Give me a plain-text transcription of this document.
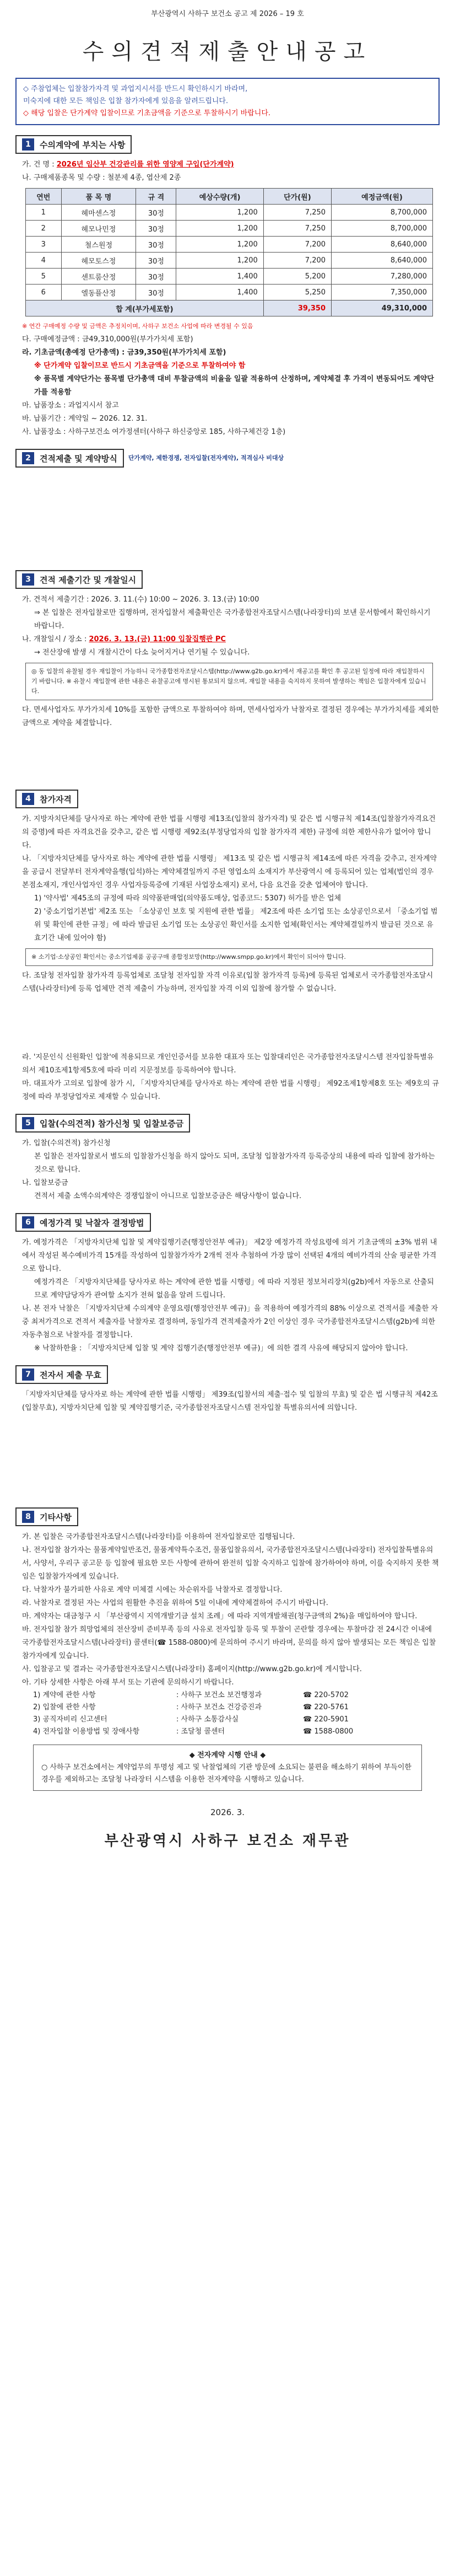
부산광역시 사하구 보건소 공고 제 2026 – 19 호
수의견적제출안내공고
◇ 주참업체는 입찰참가자격 및 과업지시서를 반드시 확인하시기 바라며,
미숙지에 대한 모든 책임은 입찰 참가자에게 있음을 알려드립니다.
◇ 해당 입찰은 단가계약 입찰이므로 기초금액을 기준으로 투찰하시기 바랍니다.
1	수의계약에 부치는 사항
가. 건 명 : 2026년 임산부 건강관리를 위한 영양제 구입(단가계약)
나. 구매제품종목 및 수량 : 철분제 4종, 엽산제 2종
연번	품 목 명	규 격	예상수량(개)	단가(원)	예정금액(원)
1	헤마센스정	30정	1,200	7,250	8,700,000
2	헤모나민정	30정	1,200	7,250	8,700,000
3	철스원정	30정	1,200	7,200	8,640,000
4	헤모토스정	30정	1,200	7,200	8,640,000
5	센트룸산정	30정	1,400	5,200	7,280,000
6	엘동플산정	30정	1,400	5,250	7,350,000
합 계(부가세포함)				39,350	49,310,000
※ 연간 구매예정 수량 및 금액은 추정치이며, 사하구 보건소 사업에 따라 변경될 수 있음
다. 구매예정금액 : 금49,310,000원(부가가치세 포함)
라. 기초금액(총예정 단가총액) : 금39,350원(부가가치세 포함)
※ 단가계약 입찰이므로 반드시 기초금액을 기준으로 투찰하여야 함
※ 품목별 계약단가는 품목별 단가총액 대비 투찰금액의 비율을 일괄 적용하여 산정하며, 계약체결 후 가격이 변동되어도 계약단가를 적용함
마. 납품장소 : 과업지시서 참고
바. 납품기간 : 계약일 ~ 2026. 12. 31.
사. 납품장소 : 사하구보건소 여가정센터(사하구 하신중앙로 185, 사하구체건강 1층)
2	견적제출 및 계약방식 단가계약, 제한경쟁, 전자입찰(전자계약), 적격심사 비대상
3	견적 제출기간 및 개찰일시
가. 견적서 제출기간 : 2026. 3. 11.(수) 10:00 ~ 2026. 3. 13.(금) 10:00
⇒ 본 입찰은 전자입찰로만 집행하며, 전자입찰서 제출확인은 국가종합전자조달시스템(나라장터)의 보낸 문서함에서 확인하시기 바랍니다.
나. 개찰일시 / 장소 : 2026. 3. 13.(금) 11:00 입찰집행관 PC
→ 전산장애 발생 시 개찰시간이 다소 늦어지거나 연기될 수 있습니다.
◎ 동 입찰의 유찰될 경우 재입찰이 가능하니 국가종합전자조달시스템(http://www.g2b.go.kr)에서 재공고를 확인 후 공고된 일정에 따라 재입찰하시기 바랍니다. ※ 유찰시 재입찰에 관한 내용은 유찰공고에 명시된 통보되지 않으며, 재입찰 내용을 숙지하지 못하여 발생하는 책임은 입찰자에게 있습니다.
다. 면세사업자도 부가가치세 10%를 포함한 금액으로 투찰하여야 하며, 면세사업자가 낙찰자로 결정된 경우에는 부가가치세를 제외한 금액으로 계약을 체결합니다.
4	참가자격
가. 지방자치단체를 당사자로 하는 계약에 관한 법률 시행령 제13조(입찰의 참가자격) 및 같은 법 시행규칙 제14조(입찰참가자격요건의 증명)에 따른 자격요건을 갖추고, 같은 법 시행령 제92조(부정당업자의 입찰 참가자격 제한) 규정에 의한 제한사유가 없어야 합니다.
나. 「지방자치단체를 당사자로 하는 계약에 관한 법률 시행령」 제13조 및 같은 법 시행규칙 제14조에 따른 자격을 갖추고, 전자계약을 공급시 전달부터 전자계약을행(입석)하는 계약체결일까지 주된 영업소의 소재지가 부산광역시 에 등록되어 있는 업체(법인의 경우 본점소재지, 개인사업자인 경우 사업자등록증에 기재된 사업장소재지) 로서, 다음 요건을 갖춘 업체여야 합니다.
1) '약사법' 제45조의 규정에 따라 의약품판매업(의약품도매상, 업종코드: 5307) 허가를 받은 업체
2) '중소기업기본법' 제2조 또는 「소상공인 보호 및 지원에 관한 법률」 제2조에 따른 소기업 또는 소상공인으로서 「중소기업 범위 및 확인에 관한 규정」에 따라 발급된 소기업 또는 소상공인 확인서를 소지한 업체(확인서는 계약체결일까지 발급된 것으로 유효기간 내에 있어야 함)
※ 소기업·소상공인 확인서는 중소기업제품 공공구매 종합정보망(http://www.smpp.go.kr)에서 확인이 되어야 합니다.
다. 조달청 전자입찰 참가자격 등록업체로 조달청 전자입찰 자격 이유로(입찰 참가자격 등록)에 등록된 업체로서 국가종합전자조달시스템(나라장터)에 등록 업체만 견적 제출이 가능하며, 전자입찰 자격 이외 입찰에 참가할 수 없습니다.
라. '지문인식 신원확인 입찰'에 적용되므로 개인인증서를 보유한 대표자 또는 입찰대리인은 국가종합전자조달시스템 전자입찰특별유의서 제10조제1항제5호에 따라 미리 지문정보를 등록하여야 합니다.
마. 대표자가 고의로 입찰에 참가 시, 「지방자치단체를 당사자로 하는 계약에 관한 법률 시행령」 제92조제1항제8호 또는 제9호의 규정에 따라 부정당업자로 제재할 수 있습니다.
5	입찰(수의견적) 참가신청 및 입찰보증금
가. 입찰(수의견적) 참가신청
본 입찰은 전자입찰로서 별도의 입찰참가신청을 하지 않아도 되며, 조달청 입찰참가자격 등록증상의 내용에 따라 입찰에 참가하는 것으로 합니다.
나. 입찰보증금
견적서 제출 소액수의계약은 경쟁입찰이 아니므로 입찰보증금은 해당사항이 없습니다.
6	예정가격 및 낙찰자 결정방법
가. 예정가격은 「지방자치단체 입찰 및 계약집행기준(행정안전부 예규)」 제2장 예정가격 작성요령에 의거 기초금액의 ±3% 범위 내에서 작성된 복수예비가격 15개를 작성하여 입찰참가자가 2개씩 전자 추첨하여 가장 많이 선택된 4개의 예비가격의 산술 평균한 가격으로 합니다.
예정가격은 「지방자치단체를 당사자로 하는 계약에 관한 법률 시행령」에 따라 지정된 정보처리장치(g2b)에서 자동으로 산출되므로 계약담당자가 관여할 소지가 전혀 없음을 알려 드립니다.
나. 본 전자 낙찰은 「지방자치단체 수의계약 운영요령(행정안전부 예규)」을 적용하여 예정가격의 88% 이상으로 견적서를 제출한 자 중 최저가격으로 견적서 제출자를 낙찰자로 결정하며, 동일가격 견적제출자가 2인 이상인 경우 국가종합전자조달시스템(g2b)에 의한 자동추첨으로 낙찰자를 결정합니다.
※ 낙찰하한율 : 「지방자치단체 입찰 및 계약 집행기준(행정안전부 예규)」에 의한 결격 사유에 해당되지 않아야 합니다.
7	전자서 제출 무효
「지방자치단체를 당사자로 하는 계약에 관한 법률 시행령」 제39조(입찰서의 제출·접수 및 입찰의 무효) 및 같은 법 시행규칙 제42조(입찰무효), 지방자치단체 입찰 및 계약집행기준, 국가종합전자조달시스템 전자입찰 특별유의서에 의합니다.
8	기타사항
가. 본 입찰은 국가종합전자조달시스템(나라장터)를 이용하여 전자입찰로만 집행됩니다.
나. 전자입찰 참가자는 물품계약일반조건, 물품계약특수조건, 물품입찰유의서, 국가종합전자조달시스템(나라장터) 전자입찰특별유의서, 사양서, 우리구 공고문 등 입찰에 필요한 모든 사항에 관하여 완전히 입찰 숙지하고 입찰에 참가하여야 하며, 이를 숙지하지 못한 책임은 입찰참가자에게 있습니다.
다. 낙찰자가 불가피한 사유로 계약 미체결 시에는 차순위자를 낙찰자로 결정합니다.
라. 낙찰자로 결정된 자는 사업의 원활한 추진을 위하여 5일 이내에 계약체결하여 주시기 바랍니다.
마. 계약자는 대금청구 시 「부산광역시 지역개발기금 설치 조례」에 따라 지역개발채권(청구금액의 2%)을 매입하여야 합니다.
바. 전자입찰 참가 희망업체의 전산장비 준비부족 등의 사유로 전자입찰 등록 및 투찰이 곤란할 경우에는 투찰마감 전 24시간 이내에 국가종합전자조달시스템(나라장터) 콜센터(☎ 1588-0800)에 문의하여 주시기 바라며, 문의를 하지 않아 발생되는 모든 책임은 입찰 참가자에게 있습니다.
사. 입찰공고 및 결과는 국가종합전자조달시스템(나라장터) 홈페이지(http://www.g2b.go.kr)에 게시합니다.
아. 기타 상세한 사항은 아래 부서 또는 기관에 문의하시기 바랍니다.
1) 계약에 관한 사항	: 사하구 보건소 보건행정과	☎ 220-5702
2) 입찰에 관한 사항	: 사하구 보건소 건강증진과	☎ 220-5761
3) 공직자비리 신고센터	: 사하구 소통감사실	☎ 220-5901
4) 전자입찰 이용방법 및 장애사항	: 조달청 콜센터	☎ 1588-0800
◆ 전자계약 시행 안내 ◆
○ 사하구 보건소에서는 계약업무의 투명성 제고 및 낙찰업체의 기관 방문에 소요되는 불편을 해소하기 위하여 부득이한 경우를 제외하고는 조달청 나라장터 시스템을 이용한 전자계약을 시행하고 있습니다.
2026. 3.
부산광역시 사하구 보건소 재무관
